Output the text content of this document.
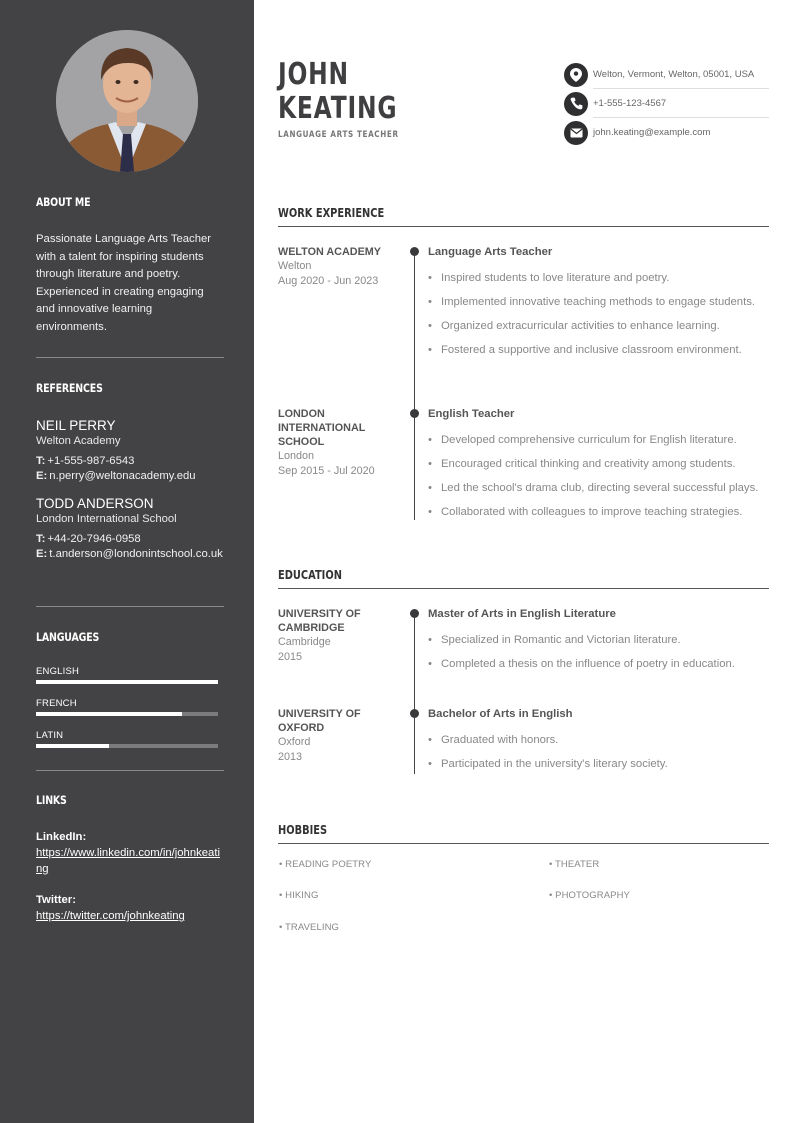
ABOUT ME
Passionate Language Arts Teacher with a talent for inspiring students through literature and poetry. Experienced in creating engaging and innovative learning environments.
REFERENCES
NEIL PERRY
Welton Academy
T: +1-555-987-6543
E: n.perry@weltonacademy.edu
TODD ANDERSON
London International School
T: +44-20-7946-0958
E: t.anderson@londonintschool.co.uk
LANGUAGES
ENGLISH
FRENCH
LATIN
LINKS
LinkedIn:
https://www.linkedin.com/in/johnkeating
Twitter:
https://twitter.com/johnkeating
JOHN
KEATING
LANGUAGE ARTS TEACHER
Welton, Vermont, Welton, 05001, USA
+1-555-123-4567
john.keating@example.com
WORK EXPERIENCE
WELTON ACADEMY
Welton
Aug 2020 - Jun 2023
Language Arts Teacher
• Inspired students to love literature and poetry.
• Implemented innovative teaching methods to engage students.
• Organized extracurricular activities to enhance learning.
• Fostered a supportive and inclusive classroom environment.
LONDON INTERNATIONAL SCHOOL
London
Sep 2015 - Jul 2020
English Teacher
• Developed comprehensive curriculum for English literature.
• Encouraged critical thinking and creativity among students.
• Led the school's drama club, directing several successful plays.
• Collaborated with colleagues to improve teaching strategies.
EDUCATION
UNIVERSITY OF CAMBRIDGE
Cambridge
2015
Master of Arts in English Literature
• Specialized in Romantic and Victorian literature.
• Completed a thesis on the influence of poetry in education.
UNIVERSITY OF OXFORD
Oxford
2013
Bachelor of Arts in English
• Graduated with honors.
• Participated in the university's literary society.
HOBBIES
• READING POETRY	• THEATER
• HIKING	• PHOTOGRAPHY
• TRAVELING
